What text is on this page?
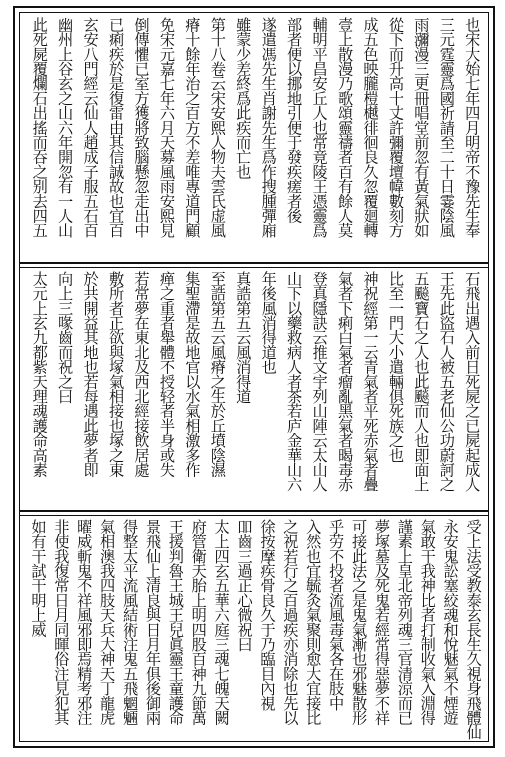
也宋大始七年四月明帝不豫先生奉
三元霆靈爲國祈請至二十日霎陰風
雨瀰漫三更冊唱堂前忽有黃氣狀如
從下而升高十丈許彌覆壇幃數刻方
成五色映朧榿樾徘徊良久忽覆廻轉
壹上散漫乃歌頌靈禱者百有餘人莫
輔明平昌安丘人也常竟陵王憑靈爲
部者便以挪地引便于發疾瘥者後
遂遣馮先生肖謝先生爲作搜腫彈廂
雖蒙少差終爲此疾而亡也
第十八卷云宋安熙人物夫雲氏虚風
瘠十餘年治之百方不差唯專道門顧
免宋元嘉七年六月天募風雨安熙見
倒傳懼已室方獲將致腦懸忽走出中
已痢疾於是復雷由其信誠故也宜百
玄安八門經云仙人趙成子服五石百
幽州上谷玄之山六年開忽有一人山
此死屍覆爛石出搖而吞之别去四五
石飛出遇入前日死屍之已屍起成人
王先此盜石人被五老仙公功蔚訶之
五飈寶石之人也此飈而人也即面上
比至一門大小遣輛俱死族之也
神祝經第一云青氣者平死赤氣者疊
氣者下痢白氣者瘤亂黑氣者暍毒赤
登真隱訣云推文宇列山陣云太山人
山下以藥救病人者茶若庐金華山六
年後風消得道也
真誥第五云風消得道
至誥第五云風瘠之生於丘墳陰濕
集聖滯是故地官以水氣相激多作
瘅之重者舉體不授轻者半身或失
若常夢在東北及西北經接飲居處
敷所者正欲與塚氣相接也塚之東
於共開益其地也若每遇此夢者即
向上三喙齒而祝之曰
太元上玄九都紫天理魂護命高素
受上法受教泰玄長生久視身飛體仙
永安鬼訟塞絞魂和悅魅氣不煙遊
氣敢干我神比者打制收氣入淵得
謹素上皇北帝列魂三官清涼而已
夢塚墓及死鬼若經常得惡夢不祥
可接此法之是鬼氣漸也邪魅散形
乎劳不投者流風毒氣各在肢中
入然也宜毓灸氣聚則愈大宜接比
之祝若行之百過疾亦消除也先以
徐按摩疾骨良久于乃臨目內視
吅齒三過正心微祝曰
太上四玄五華六庭三魂七魄天闕
府管衛天胎上明四股百神九節萬
王援判魯王城王兒眞靈王童護命
景飛仙上清良與日月年俱後御兩
得整太平流風結術注鬼五飛魍魎
氣相澳我四肢天兵大神天丁龍虎
曜威斬鬼不祥風邪即焉精考邪注
非使我復常日月同暉俗注見犯其
如有干試干明上威
